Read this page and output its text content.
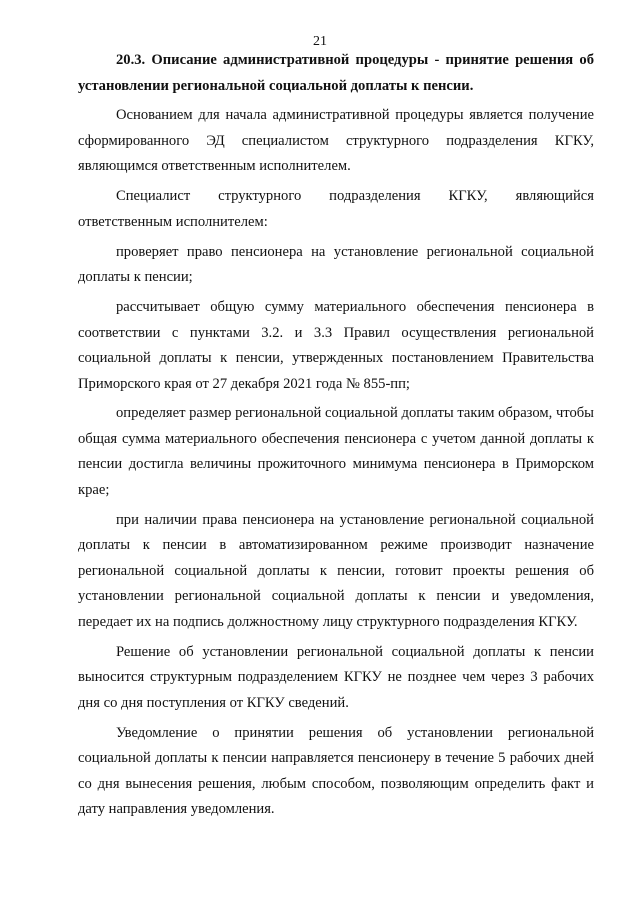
21

20.3. Описание административной процедуры - принятие решения об установлении региональной социальной доплаты к пенсии.

Основанием для начала административной процедуры является получение сформированного ЭД специалистом структурного подразделения КГКУ, являющимся ответственным исполнителем.

Специалист структурного подразделения КГКУ, являющийся ответственным исполнителем:

проверяет право пенсионера на установление региональной социальной доплаты к пенсии;

рассчитывает общую сумму материального обеспечения пенсионера в соответствии с пунктами 3.2. и 3.3 Правил осуществления региональной социальной доплаты к пенсии, утвержденных постановлением Правительства Приморского края от 27 декабря 2021 года № 855-пп;

определяет размер региональной социальной доплаты таким образом, чтобы общая сумма материального обеспечения пенсионера с учетом данной доплаты к пенсии достигла величины прожиточного минимума пенсионера в Приморском крае;

при наличии права пенсионера на установление региональной социальной доплаты к пенсии в автоматизированном режиме производит назначение региональной социальной доплаты к пенсии, готовит проекты решения об установлении региональной социальной доплаты к пенсии и уведомления, передает их на подпись должностному лицу структурного подразделения КГКУ.

Решение об установлении региональной социальной доплаты к пенсии выносится структурным подразделением КГКУ не позднее чем через 3 рабочих дня со дня поступления от КГКУ сведений.

Уведомление о принятии решения об установлении региональной социальной доплаты к пенсии направляется пенсионеру в течение 5 рабочих дней со дня вынесения решения, любым способом, позволяющим определить факт и дату направления уведомления.
